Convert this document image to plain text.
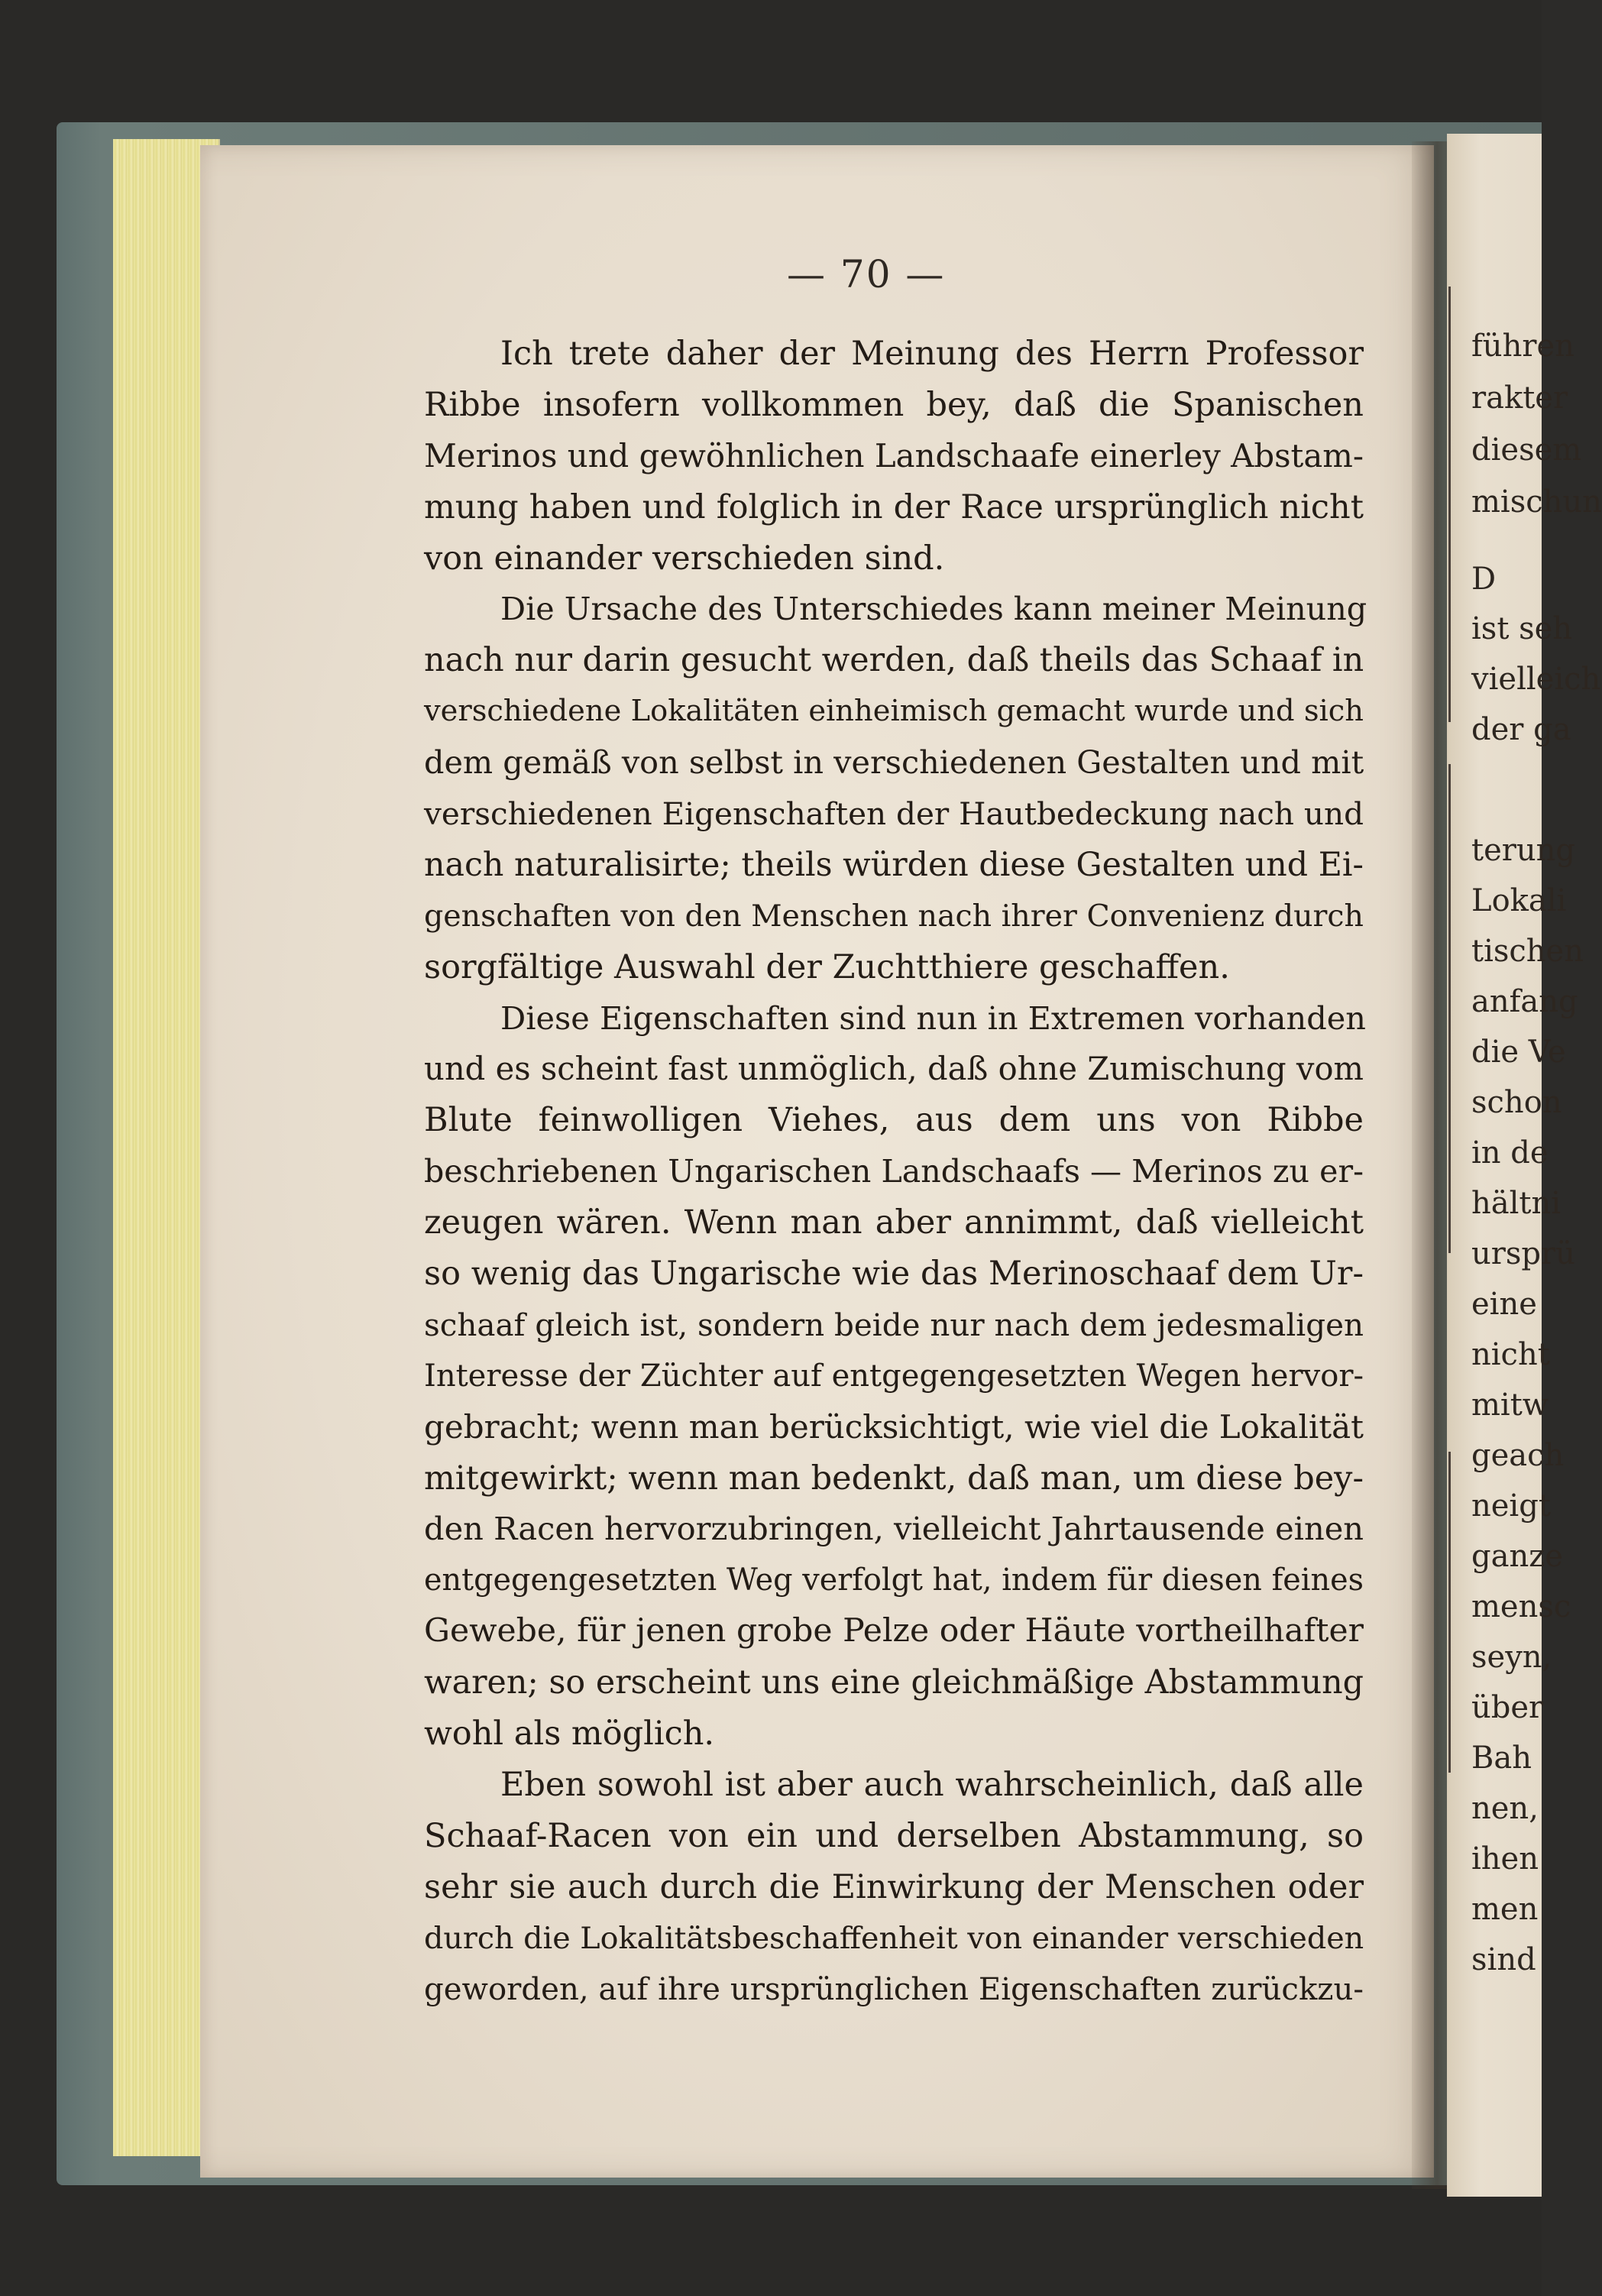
— 70 —
Ich trete daher der Meinung des Herrn Professor
Ribbe insofern vollkommen bey, daß die Spanischen
Merinos und gewöhnlichen Landschaafe einerley Abstam-
mung haben und folglich in der Race ursprünglich nicht
von einander verschieden sind.
Die Ursache des Unterschiedes kann meiner Meinung
nach nur darin gesucht werden, daß theils das Schaaf in
verschiedene Lokalitäten einheimisch gemacht wurde und sich
dem gemäß von selbst in verschiedenen Gestalten und mit
verschiedenen Eigenschaften der Hautbedeckung nach und
nach naturalisirte; theils würden diese Gestalten und Ei-
genschaften von den Menschen nach ihrer Convenienz durch
sorgfältige Auswahl der Zuchtthiere geschaffen.
Diese Eigenschaften sind nun in Extremen vorhanden
und es scheint fast unmöglich, daß ohne Zumischung vom
Blute feinwolligen Viehes, aus dem uns von Ribbe
beschriebenen Ungarischen Landschaafs — Merinos zu er-
zeugen wären. Wenn man aber annimmt, daß vielleicht
so wenig das Ungarische wie das Merinoschaaf dem Ur-
schaaf gleich ist, sondern beide nur nach dem jedesmaligen
Interesse der Züchter auf entgegengesetzten Wegen hervor-
gebracht; wenn man berücksichtigt, wie viel die Lokalität
mitgewirkt; wenn man bedenkt, daß man, um diese bey-
den Racen hervorzubringen, vielleicht Jahrtausende einen
entgegengesetzten Weg verfolgt hat, indem für diesen feines
Gewebe, für jenen grobe Pelze oder Häute vortheilhafter
waren; so erscheint uns eine gleichmäßige Abstammung
wohl als möglich.
Eben sowohl ist aber auch wahrscheinlich, daß alle
Schaaf-Racen von ein und derselben Abstammung, so
sehr sie auch durch die Einwirkung der Menschen oder
durch die Lokalitätsbeschaffenheit von einander verschieden
geworden, auf ihre ursprünglichen Eigenschaften zurückzu-
führen
rakter
diesem
mischun
D
ist seh
vielleich
der ga
terung
Lokali
tischen
anfang
die Ve
schon
in de
hältni
ursprü
eine
nicht
mitw
geach
neigt
ganze
mensc
seyn,
über
Bah
nen,
ihen
men
sind
